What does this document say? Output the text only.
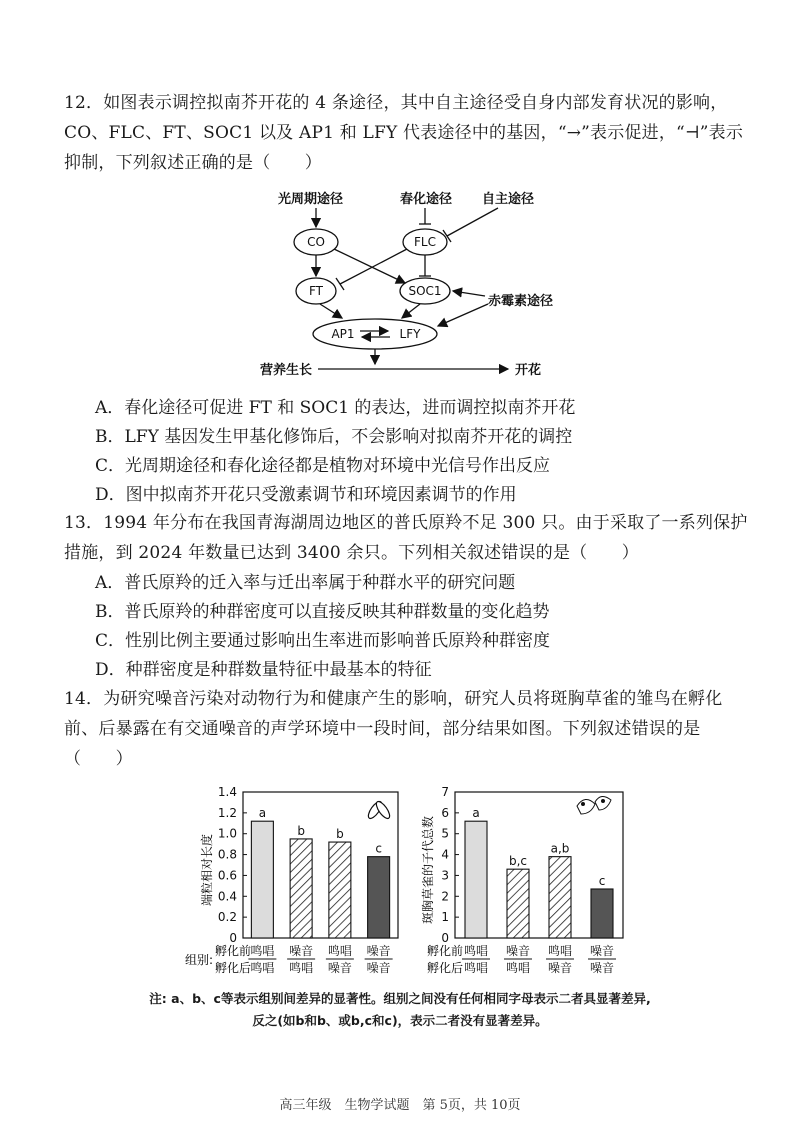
12．如图表示调控拟南芥开花的 4 条途径，其中自主途径受自身内部发育状况的影响，CO、FLC、FT、SOC1 以及 AP1 和 LFY 代表途径中的基因，“→”表示促进，“⊣”表示抑制，下列叙述正确的是（　　）
光周期途径	春化途径 自主途径
赤霉素途径
营养生长	开花
CO	FLC
FT	SOC1
AP1	LFY
A．春化途径可促进 FT 和 SOC1 的表达，进而调控拟南芥开花
B．LFY 基因发生甲基化修饰后，不会影响对拟南芥开花的调控
C．光周期途径和春化途径都是植物对环境中光信号作出反应
D．图中拟南芥开花只受激素调节和环境因素调节的作用
13．1994 年分布在我国青海湖周边地区的普氏原羚不足 300 只。由于采取了一系列保护措施，到 2024 年数量已达到 3400 余只。下列相关叙述错误的是（　　）
A．普氏原羚的迁入率与迁出率属于种群水平的研究问题
B．普氏原羚的种群密度可以直接反映其种群数量的变化趋势
C．性别比例主要通过影响出生率进而影响普氏原羚种群密度
D．种群密度是种群数量特征中最基本的特征
14．为研究噪音污染对动物行为和健康产生的影响，研究人员将斑胸草雀的雏鸟在孵化前、后暴露在有交通噪音的声学环境中一段时间，部分结果如图。下列叙述错误的是（　　）
端粒相对长度
0
0.2
0.4
0.6
0.8
1.0
1.2
1.4
a
b	b
c	斑胸草雀的子代总数
0
1
2
3
4
5
6
7
a
b,c
a,b
c
组别:
孵化前
孵化后
孵化前
孵化后
鸣唱
鸣唱
噪音
鸣唱
鸣唱
噪音
噪音
噪音
鸣唱
鸣唱
噪音
鸣唱
鸣唱
噪音
噪音
噪音
注: a、b、c等表示组别间差异的显著性。组别之间没有任何相同字母表示二者具显著差异,
反之(如b和b、或b,c和c)，表示二者没有显著差异。
高三年级　生物学试题　第 5页，共 10页
